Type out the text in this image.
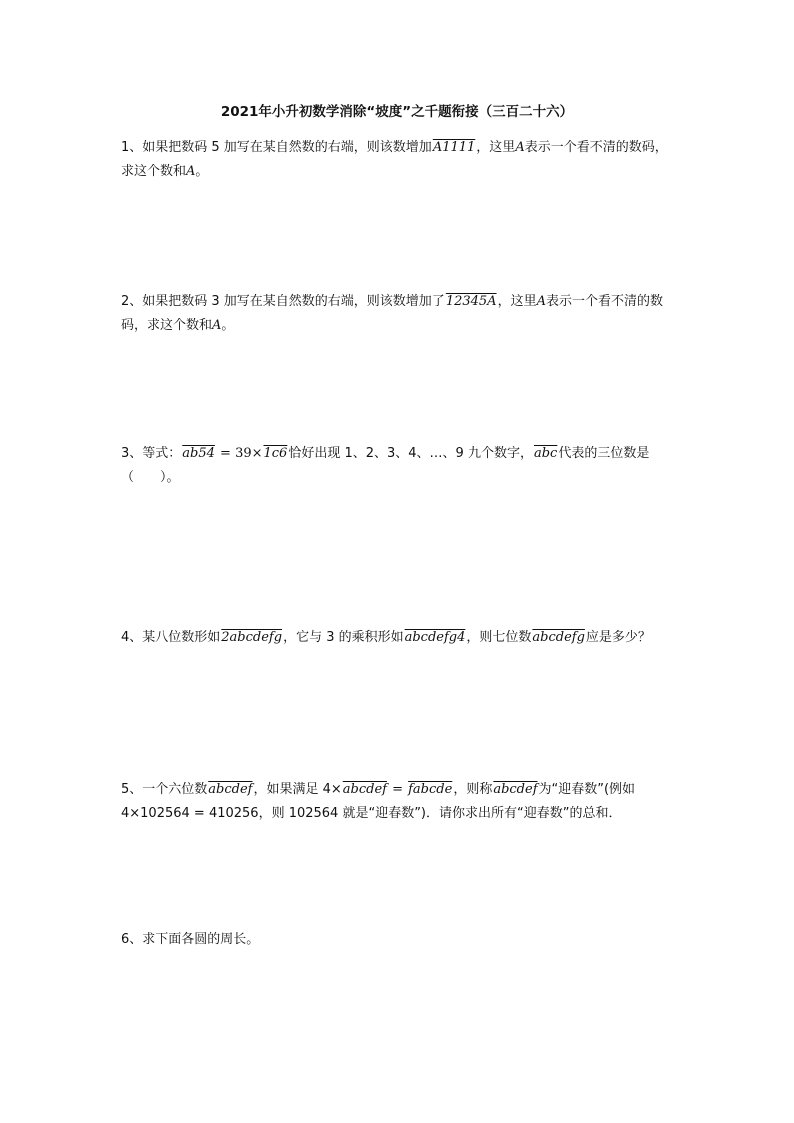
2021年小升初数学消除“坡度”之千题衔接（三百二十六）
1、如果把数码 5 加写在某自然数的右端，则该数增加A1111，这里A表示一个看不清的数码，求这个数和A。
2、如果把数码 3 加写在某自然数的右端，则该数增加了12345A，这里A表示一个看不清的数码，求这个数和A。
3、等式：ab54 = 39×1c6恰好出现 1、2、3、4、…、9 九个数字，$\overline{abc}$代表的三位数是（　　）。
4、某八位数形如2abcdefg，它与 3 的乘积形如abcdefg4，则七位数abcdefg应是多少？
5、一个六位数abcdef，如果满足 4×abcdef = fabcde，则称abcdef为“迎春数”(例如 4×102564 = 410256，则 102564 就是“迎春数”)．请你求出所有“迎春数”的总和．
6、求下面各圆的周长。
